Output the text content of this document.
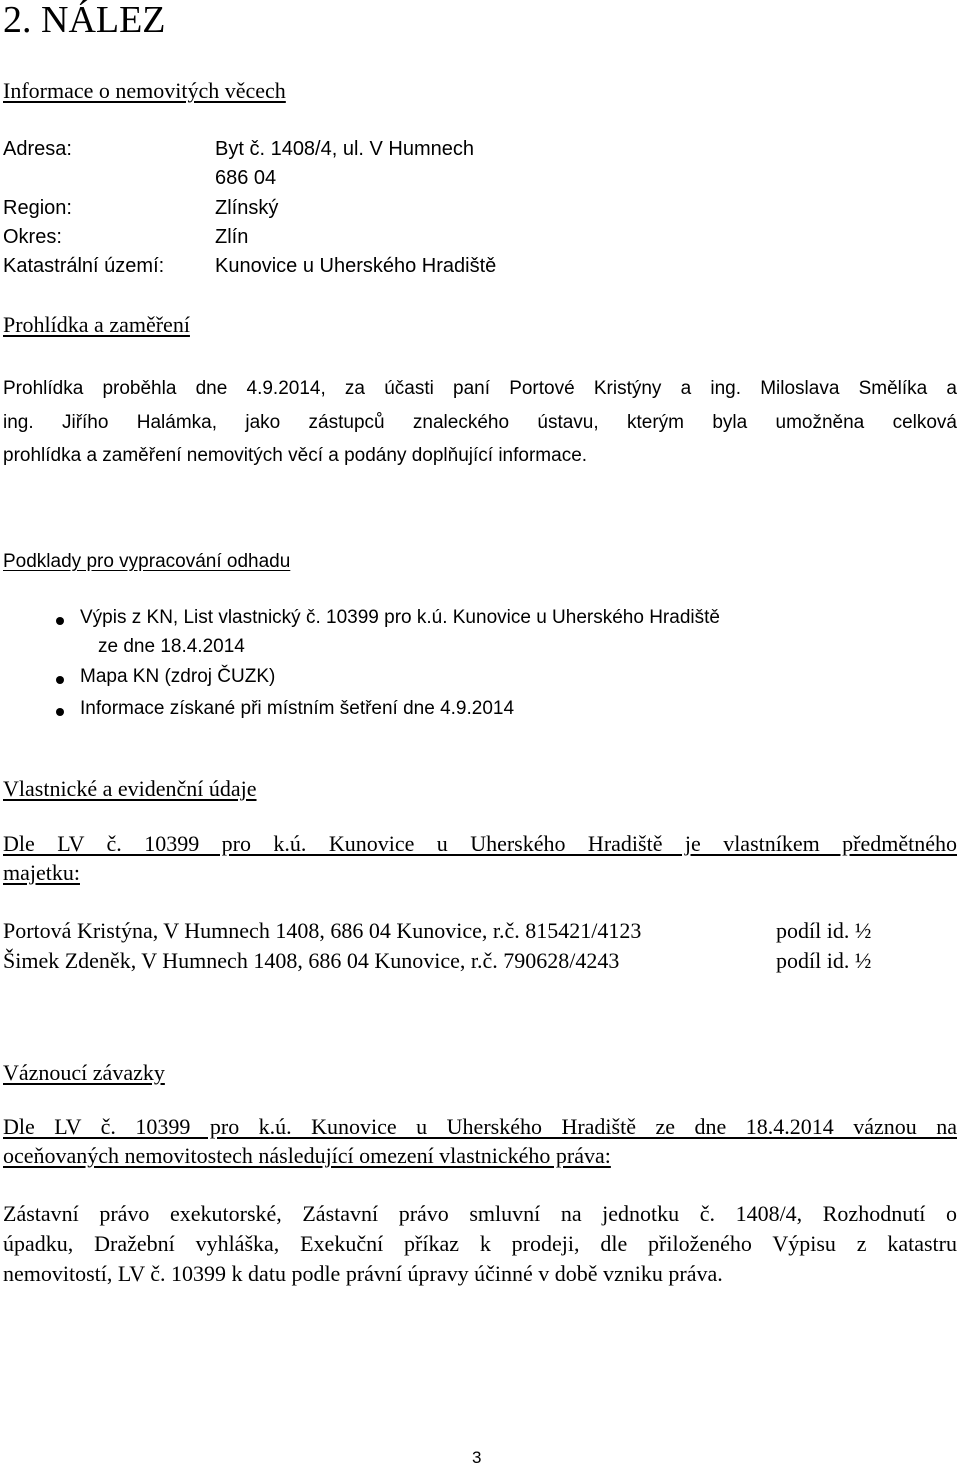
2. NÁLEZ
Informace o nemovitých věcech
Adresa:	Byt č. 1408/4, ul. V Humnech
686 04
Region:	Zlínský
Okres:	Zlín
Katastrální území:	Kunovice u Uherského Hradiště
Prohlídka a zaměření
Prohlídka proběhla dne 4.9.2014, za účasti paní Portové Kristýny a ing. Miloslava Smělíka a
ing. Jiřího Halámka, jako zástupců znaleckého ústavu, kterým byla umožněna celková
prohlídka a zaměření nemovitých věcí a podány doplňující informace.
Podklady pro vypracování odhadu
Výpis z KN, List vlastnický č. 10399 pro k.ú. Kunovice u Uherského Hradiště
ze dne 18.4.2014
Mapa KN (zdroj ČUZK)
Informace získané při místním šetření dne 4.9.2014
Vlastnické a evidenční údaje
Dle LV č. 10399 pro k.ú. Kunovice u Uherského Hradiště je vlastníkem předmětného
majetku:
Portová Kristýna, V Humnech 1408, 686 04 Kunovice, r.č. 815421/4123	podíl id. ½
Šimek Zdeněk, V Humnech 1408, 686 04 Kunovice, r.č. 790628/4243	podíl id. ½
Váznoucí závazky
Dle LV č. 10399 pro k.ú. Kunovice u Uherského Hradiště ze dne 18.4.2014 váznou na
oceňovaných nemovitostech následující omezení vlastnického práva:
Zástavní právo exekutorské, Zástavní právo smluvní na jednotku č. 1408/4, Rozhodnutí o
úpadku, Dražební vyhláška, Exekuční příkaz k prodeji, dle přiloženého Výpisu z katastru
nemovitostí, LV č. 10399 k datu podle právní úpravy účinné v době vzniku práva.
3
